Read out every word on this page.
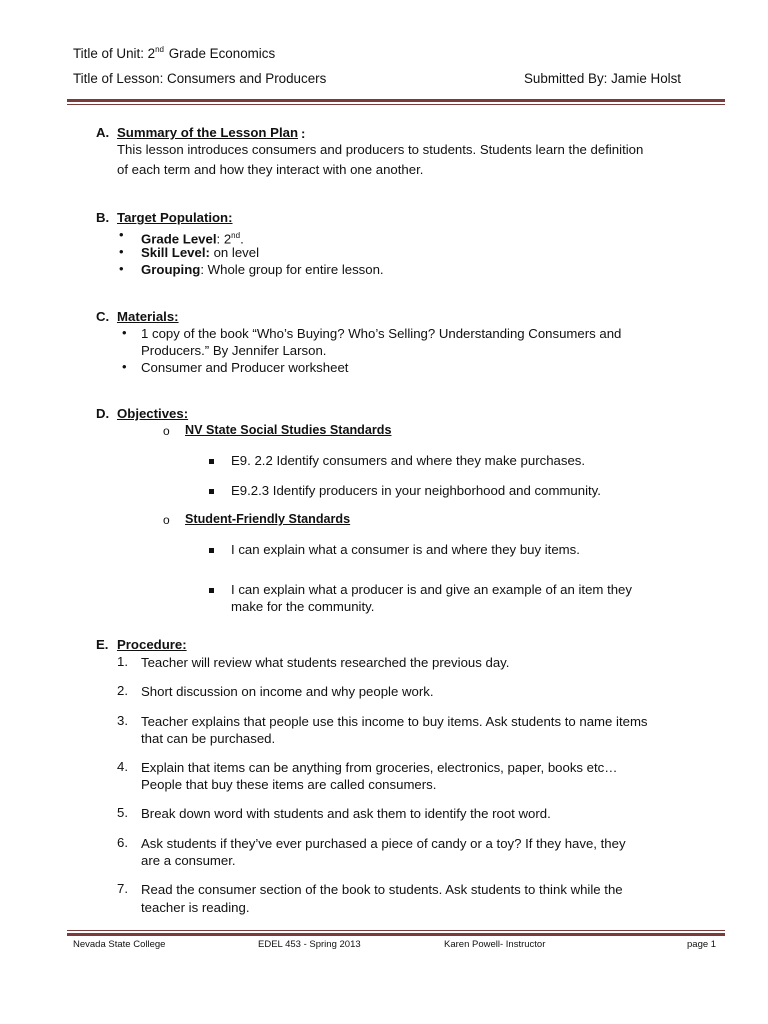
Title of Unit: 2nd Grade Economics
Title of Lesson: Consumers and Producers	Submitted By: Jamie Holst
A. Summary of the Lesson Plan :
This lesson introduces consumers and producers to students. Students learn the definition
of each term and how they interact with one another.
B. Target Population:
• Grade Level: 2nd.
• Skill Level: on level
• Grouping: Whole group for entire lesson.
C. Materials:
• 1 copy of the book “Who’s Buying? Who’s Selling? Understanding Consumers and
Producers.” By Jennifer Larson.
• Consumer and Producer worksheet
D. Objectives:
o NV State Social Studies Standards
E9. 2.2 Identify consumers and where they make purchases.
E9.2.3 Identify producers in your neighborhood and community.
o Student-Friendly Standards
I can explain what a consumer is and where they buy items.
I can explain what a producer is and give an example of an item they
make for the community.
E. Procedure:
1. Teacher will review what students researched the previous day.
2. Short discussion on income and why people work.
3. Teacher explains that people use this income to buy items. Ask students to name items
that can be purchased.
4. Explain that items can be anything from groceries, electronics, paper, books etc…
People that buy these items are called consumers.
5. Break down word with students and ask them to identify the root word.
6. Ask students if they’ve ever purchased a piece of candy or a toy? If they have, they
are a consumer.
7. Read the consumer section of the book to students. Ask students to think while the
teacher is reading.
Nevada State College	EDEL 453 - Spring 2013	Karen Powell- Instructor	page 1
